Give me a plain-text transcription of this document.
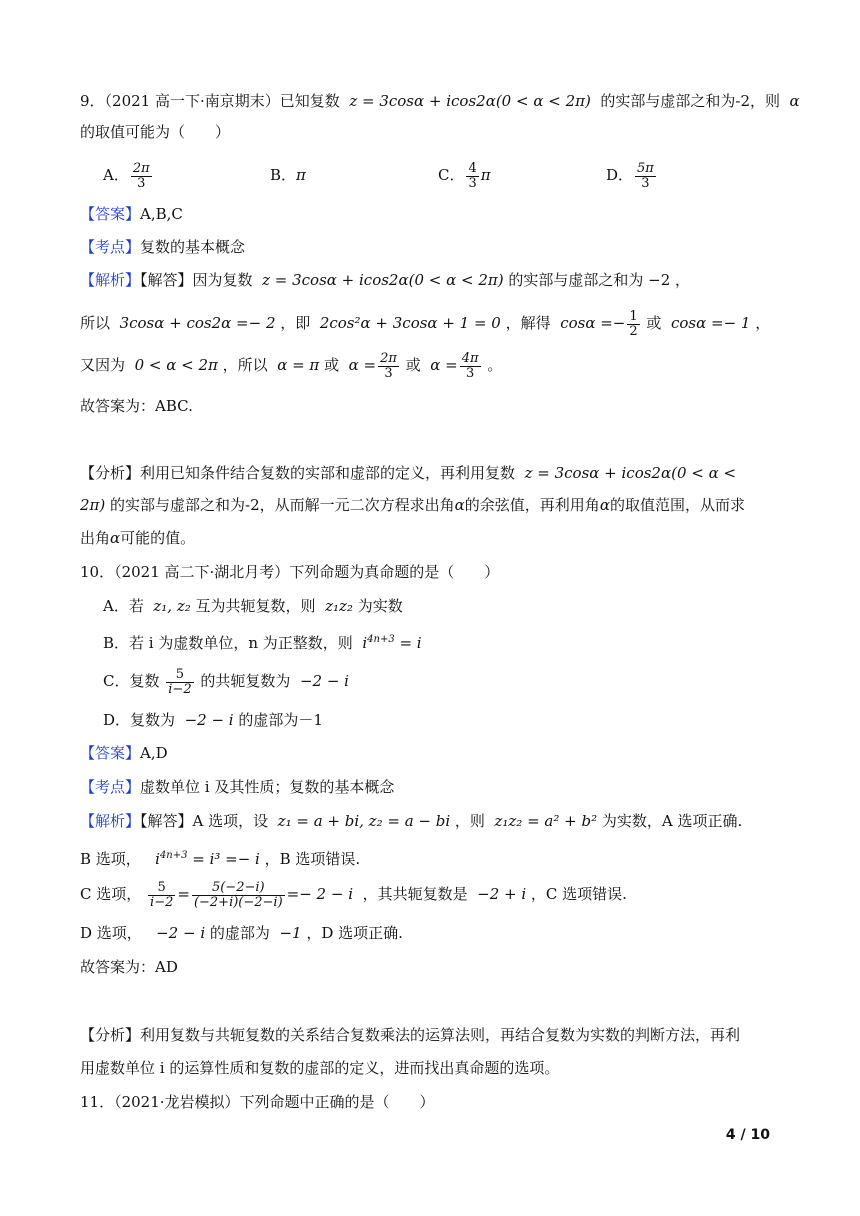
9．（2021 高一下·南京期末）已知复数  z = 3cosα + icos2α(0 < α < 2π)  的实部与虚部之和为-2，则  α
的取值可能为（　　）
A． $\frac{2\pi}{3}$	B．π	C． $\frac{4}{3}$ π	D． $\frac{5\pi}{3}$
【答案】A,B,C
【考点】复数的基本概念
【解析】【解答】因为复数  z = 3cosα + icos2α(0 < α < 2π) 的实部与虚部之和为 −2 ，
所以  3cosα + cos2α =− 2 ，即  2cos²α + 3cosα + 1 = 0 ，解得  $\cos\alpha =- \frac{1}{2}$ 或  cosα =− 1 ，
又因为  0 < α < 2π ，所以  α = π 或  $\alpha = \frac{2\pi}{3}$ 或  $\alpha = \frac{4\pi}{3}$ 。
故答案为：ABC.
【分析】利用已知条件结合复数的实部和虚部的定义，再利用复数  z = 3cosα + icos2α(0 < α <
2π) 的实部与虚部之和为-2，从而解一元二次方程求出角α的余弦值，再利用角α的取值范围，从而求
出角α可能的值。
10．（2021 高二下·湖北月考）下列命题为真命题的是（　　）
A．若  z₁, z₂ 互为共轭复数，则  z₁z₂ 为实数
B．若 i 为虚数单位，n 为正整数，则  $i^{4n+3} = i$
C．复数 $\frac{5}{i-2}$ 的共轭复数为  −2 − i
D．复数为  −2 − i 的虚部为－1
【答案】A,D
【考点】虚数单位 i 及其性质；复数的基本概念
【解析】【解答】A 选项，设  z₁ = a + bi, z₂ = a − bi ，则  z₁z₂ = a² + b² 为实数，A 选项正确.
B 选项，   $i^{4n+3} = i^3 =- i$ ，B 选项错误.
C 选项， $\frac{5}{i-2} = \frac{5(-2-i)}{(-2+i)(-2-i)} =- 2 - i$  ，其共轭复数是  −2 + i ，C 选项错误.
D 选项，   −2 − i 的虚部为  −1 ，D 选项正确.
故答案为：AD
【分析】利用复数与共轭复数的关系结合复数乘法的运算法则，再结合复数为实数的判断方法，再利
用虚数单位 i 的运算性质和复数的虚部的定义，进而找出真命题的选项。
11．（2021·龙岩模拟）下列命题中正确的是（　　）
4 / 10
